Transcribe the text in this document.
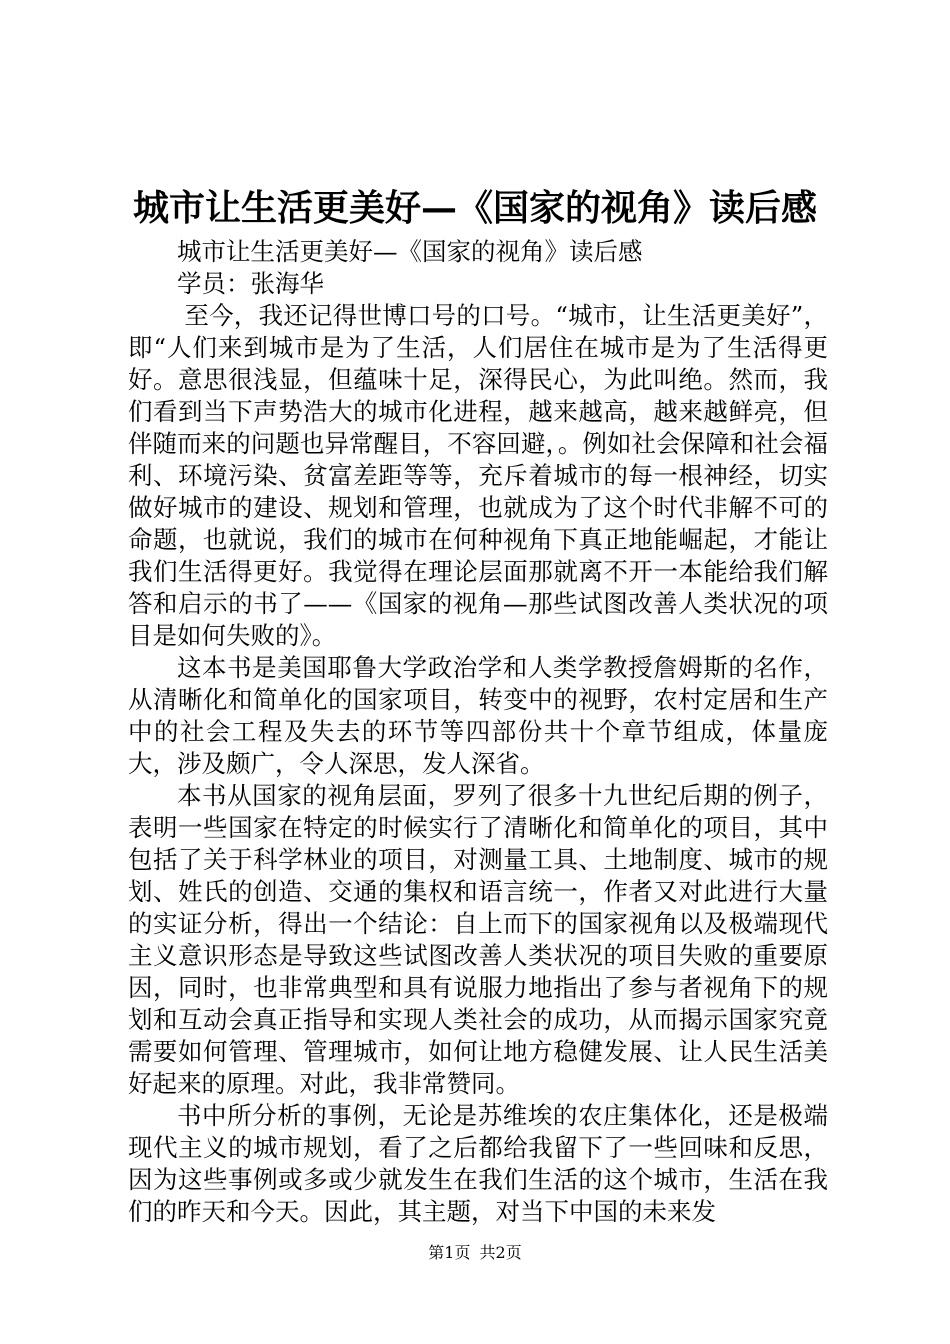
城市让生活更美好—《国家的视角》读后感

城市让生活更美好—《国家的视角》读后感

学员：张海华

至今，我还记得世博口号的口号。“城市，让生活更美好”，即“人们来到城市是为了生活，人们居住在城市是为了生活得更好。意思很浅显，但蕴味十足，深得民心，为此叫绝。然而，我们看到当下声势浩大的城市化进程，越来越高，越来越鲜亮，但伴随而来的问题也异常醒目，不容回避，。例如社会保障和社会福利、环境污染、贫富差距等等，充斥着城市的每一根神经，切实做好城市的建设、规划和管理，也就成为了这个时代非解不可的命题，也就说，我们的城市在何种视角下真正地能崛起，才能让我们生活得更好。我觉得在理论层面那就离不开一本能给我们解答和启示的书了——《国家的视角—那些试图改善人类状况的项目是如何失败的》。

这本书是美国耶鲁大学政治学和人类学教授詹姆斯的名作，从清晰化和简单化的国家项目，转变中的视野，农村定居和生产中的社会工程及失去的环节等四部份共十个章节组成，体量庞大，涉及颇广，令人深思，发人深省。

本书从国家的视角层面，罗列了很多十九世纪后期的例子，表明一些国家在特定的时候实行了清晰化和简单化的项目，其中包括了关于科学林业的项目，对测量工具、土地制度、城市的规划、姓氏的创造、交通的集权和语言统一，作者又对此进行大量的实证分析，得出一个结论：自上而下的国家视角以及极端现代主义意识形态是导致这些试图改善人类状况的项目失败的重要原因，同时，也非常典型和具有说服力地指出了参与者视角下的规划和互动会真正指导和实现人类社会的成功，从而揭示国家究竟需要如何管理、管理城市，如何让地方稳健发展、让人民生活美好起来的原理。对此，我非常赞同。

书中所分析的事例，无论是苏维埃的农庄集体化，还是极端现代主义的城市规划，看了之后都给我留下了一些回味和反思，因为这些事例或多或少就发生在我们生活的这个城市，生活在我们的昨天和今天。因此，其主题，对当下中国的未来发

第1页 共2页
